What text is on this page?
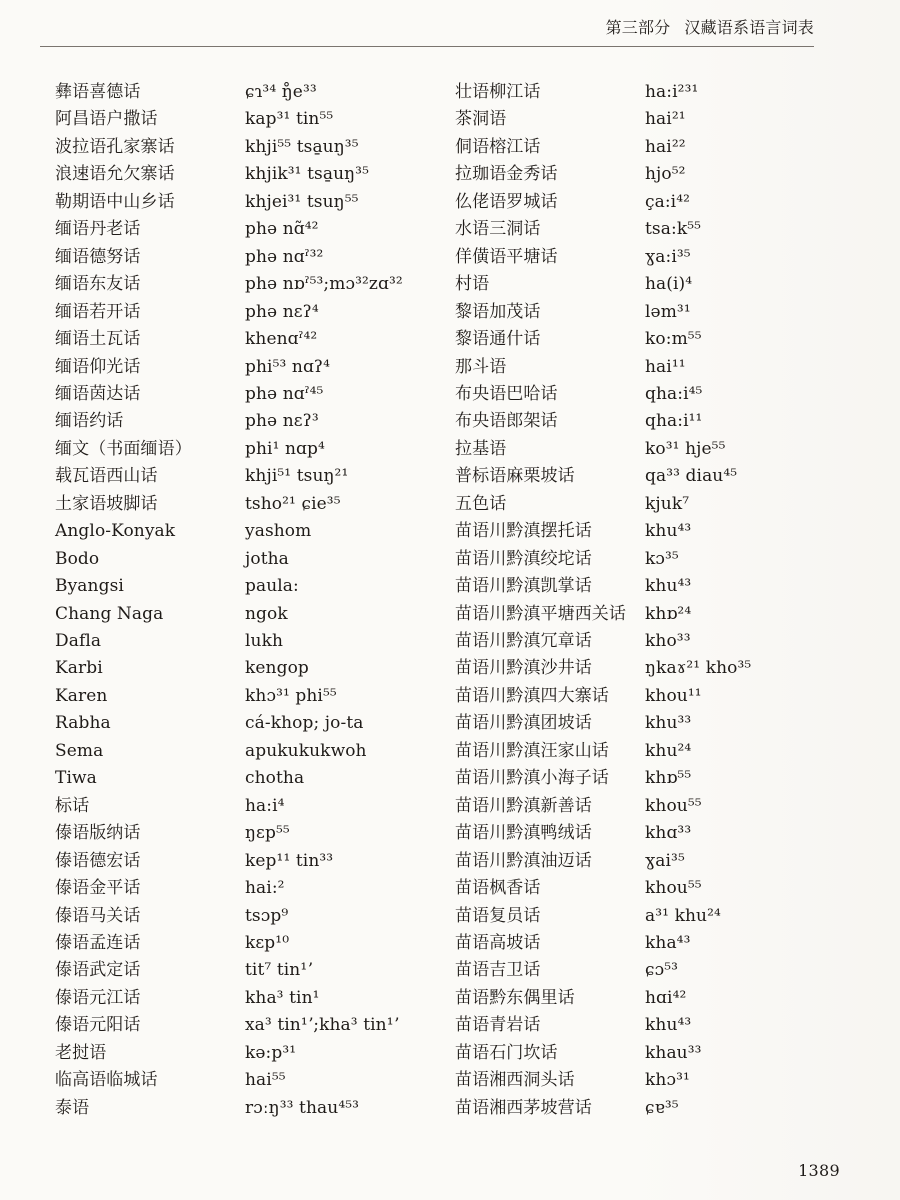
第三部分 汉藏语系语言词表
彝语喜德话	ɕɿ³⁴ ŋ̊e³³
阿昌语户撒话	kap³¹ tin⁵⁵
波拉语孔家寨话	khji⁵⁵ tsa̱uŋ³⁵
浪速语允欠寨话	khjik³¹ tsa̱uŋ³⁵
勒期语中山乡话	khjei³¹ tsuŋ⁵⁵
缅语丹老话	phə nɑ̃⁴²
缅语德努话	phə nɑˀ³²
缅语东友话	phə nɒˀ⁵³;mɔ³²zɑ³²
缅语若开话	phə nɛʔ⁴
缅语土瓦话	khenɑˀ⁴²
缅语仰光话	phi⁵³ nɑʔ⁴
缅语茵达话	phə nɑˀ⁴⁵
缅语约话	phə nɛʔ³
缅文（书面缅语）	phi¹ nɑp⁴
载瓦语西山话	khji⁵¹ tsuŋ²¹
土家语坡脚话	tsho²¹ ɕie³⁵
Anglo-Konyak	yashom
Bodo	jotha
Byangsi	paula:
Chang Naga	ngok
Dafla	lukh
Karbi	kengop
Karen	khɔ³¹ phi⁵⁵
Rabha	cá-khop; jo-ta
Sema	apukukukwoh
Tiwa	chotha
标话	ha:i⁴
傣语版纳话	ŋɛp⁵⁵
傣语德宏话	kep¹¹ tin³³
傣语金平话	hai:²
傣语马关话	tsɔp⁹
傣语孟连话	kɛp¹⁰
傣语武定话	tit⁷ tin¹ʼ
傣语元江话	kha³ tin¹
傣语元阳话	xa³ tin¹ʼ;kha³ tin¹ʼ
老挝语	kə:p³¹
临高语临城话	hai⁵⁵
泰语	rɔːŋ³³ thau⁴⁵³
壮语柳江话	ha:i²³¹
茶洞语	hai²¹
侗语榕江话	hai²²
拉珈语金秀话	hjo⁵²
仫佬语罗城话	ça:i⁴²
水语三洞话	tsa:k⁵⁵
佯僙语平塘话	ɣa:i³⁵
村语	ha(i)⁴
黎语加茂话	ləm³¹
黎语通什话	ko:m⁵⁵
那斗语	hai¹¹
布央语巴哈话	qha:i⁴⁵
布央语郎架话	qha:i¹¹
拉基语	ko³¹ hje⁵⁵
普标语麻栗坡话	qa³³ diau⁴⁵
五色话	kjuk⁷
苗语川黔滇摆托话	khu⁴³
苗语川黔滇绞坨话	kɔ³⁵
苗语川黔滇凯掌话	khu⁴³
苗语川黔滇平塘西关话	khɒ²⁴
苗语川黔滇冗章话	kho³³
苗语川黔滇沙井话	ŋkaɤ²¹ kho³⁵
苗语川黔滇四大寨话	khou¹¹
苗语川黔滇团坡话	khu³³
苗语川黔滇汪家山话	khu²⁴
苗语川黔滇小海子话	khɒ⁵⁵
苗语川黔滇新善话	khou⁵⁵
苗语川黔滇鸭绒话	khɑ³³
苗语川黔滇油迈话	ɣai³⁵
苗语枫香话	khou⁵⁵
苗语复员话	a³¹ khu²⁴
苗语高坡话	kha⁴³
苗语吉卫话	ɕɔ⁵³
苗语黔东偶里话	hɑi⁴²
苗语青岩话	khu⁴³
苗语石门坎话	khau³³
苗语湘西洞头话	khɔ³¹
苗语湘西茅坡营话	ɕɐ³⁵
1389
